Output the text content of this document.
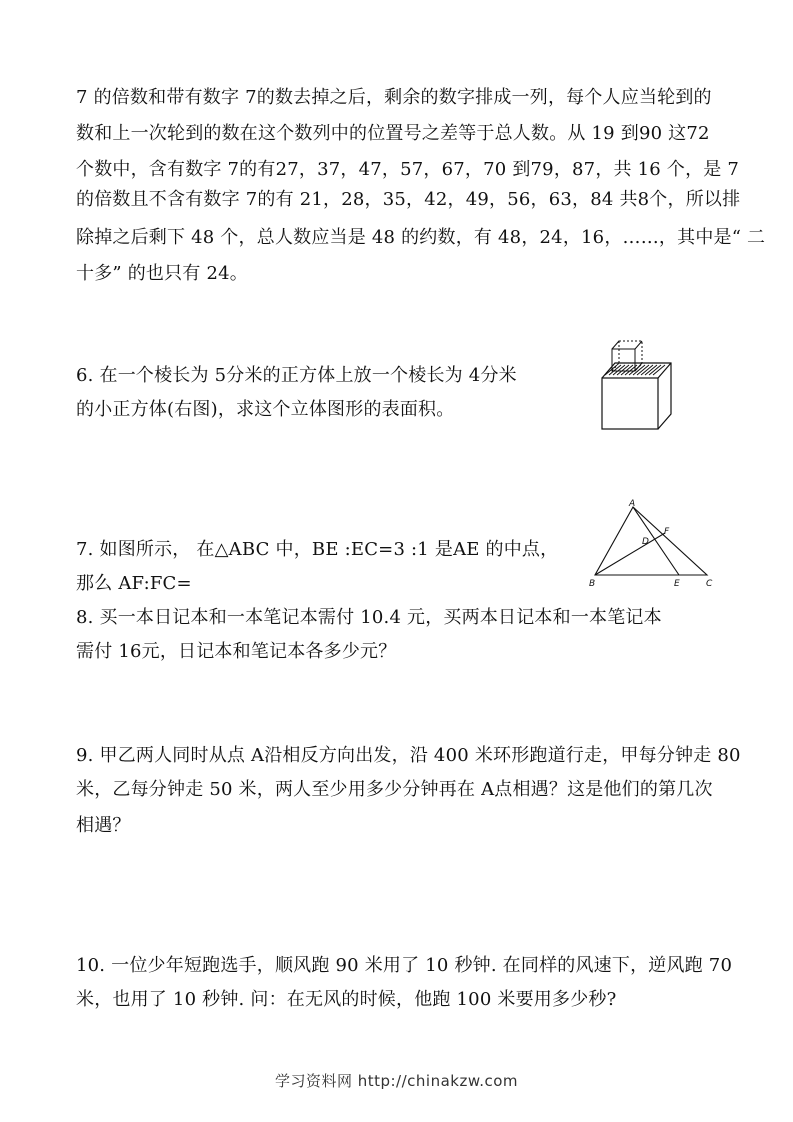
7 的倍数和带有数字 7的数去掉之后，剩余的数字排成一列，每个人应当轮到的
数和上一次轮到的数在这个数列中的位置号之差等于总人数。从 19 到90 这72
个数中，含有数字 7的有27，37，47，57，67，70 到79，87，共 16 个，是 7
的倍数且不含有数字 7的有 21，28，35，42，49，56，63，84 共8个，所以排
除掉之后剩下 48 个，总人数应当是 48 的约数，有 48，24，16，……，其中是“ 二
十多” 的也只有 24。
6. 在一个棱长为 5分米的正方体上放一个棱长为 4分米
的小正方体(右图)，求这个立体图形的表面积。
7. 如图所示， 在△ABC 中，BE :EC=3 :1 是AE 的中点，
那么 AF:FC=
A
B	C
D
E
F
8. 买一本日记本和一本笔记本需付 10.4 元，买两本日记本和一本笔记本
需付 16元，日记本和笔记本各多少元？
9. 甲乙两人同时从点 A沿相反方向出发，沿 400 米环形跑道行走，甲每分钟走 80
米，乙每分钟走 50 米，两人至少用多少分钟再在 A点相遇？这是他们的第几次
相遇？
10. 一位少年短跑选手，顺风跑 90 米用了 10 秒钟. 在同样的风速下，逆风跑 70
米，也用了 10 秒钟. 问：在无风的时候，他跑 100 米要用多少秒?
学习资料网 http://chinakzw.com
